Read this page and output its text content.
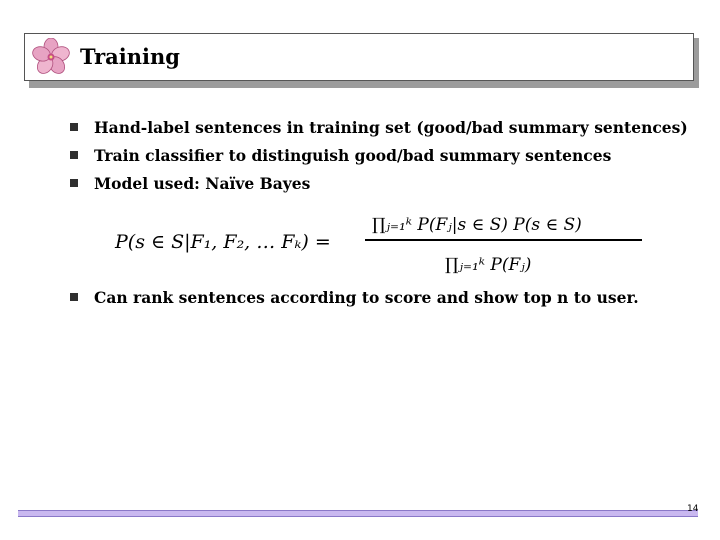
Training
Hand-label sentences in training set (good/bad summary sentences)
Train classifier to distinguish good/bad summary sentences
Model used: Naïve Bayes
P(s ∈ S|F₁, F₂, … Fₖ) =
∏ⱼ₌₁ᵏ P(Fⱼ|s ∈ S) P(s ∈ S)
∏ⱼ₌₁ᵏ P(Fⱼ)
Can rank sentences according to score and show top n to user.
14
